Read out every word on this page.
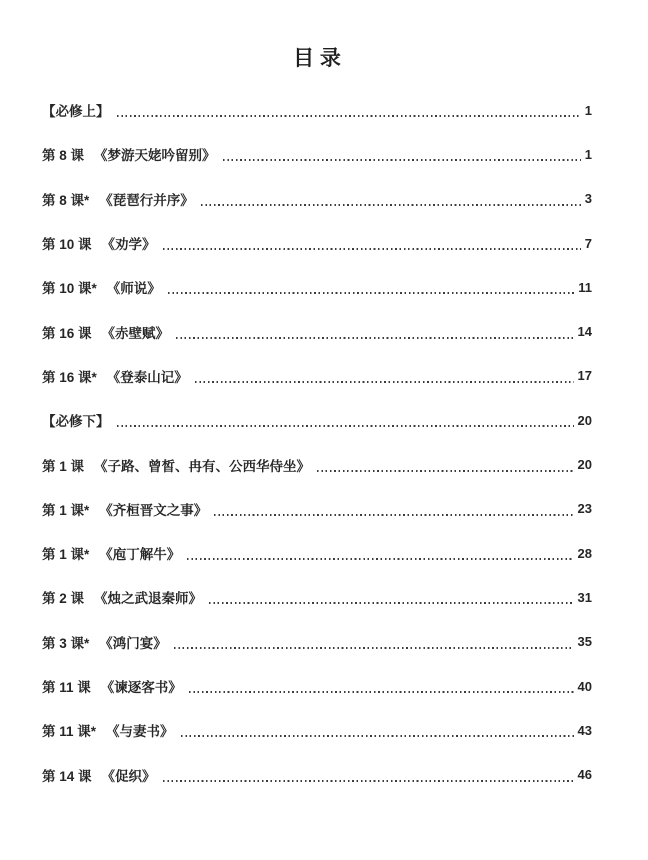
目 录
【必修上】	1
第 8 课 《梦游天姥吟留别》	1
第 8 课* 《琵琶行并序》	3
第 10 课 《劝学》	7
第 10 课* 《师说》	11
第 16 课 《赤壁赋》	14
第 16 课* 《登泰山记》	17
【必修下】	20
第 1 课 《子路、曾皙、冉有、公西华侍坐》	20
第 1 课* 《齐桓晋文之事》	23
第 1 课* 《庖丁解牛》	28
第 2 课 《烛之武退秦师》	31
第 3 课* 《鸿门宴》	35
第 11 课 《谏逐客书》	40
第 11 课* 《与妻书》	43
第 14 课 《促织》	46
